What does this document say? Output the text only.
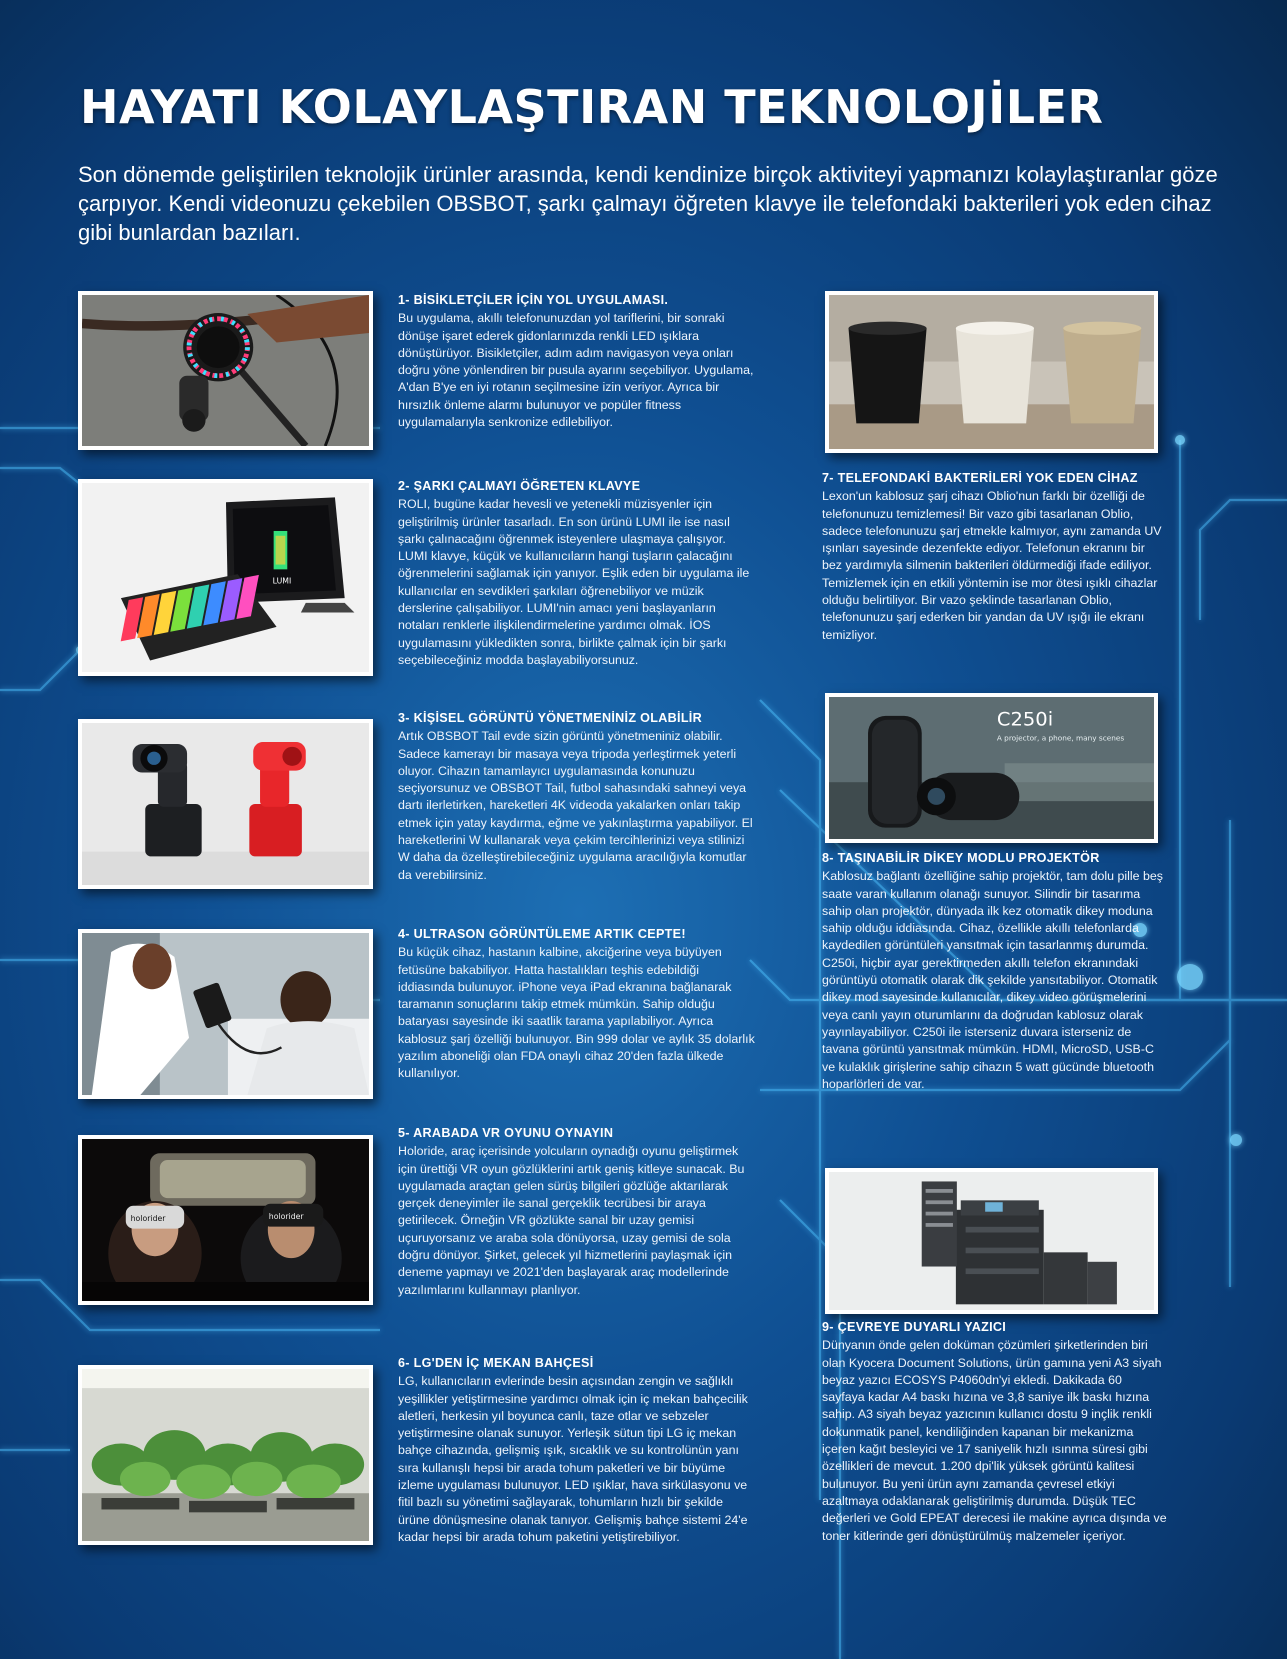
HAYATI KOLAYLAŞTIRAN TEKNOLOJİLER

Son dönemde geliştirilen teknolojik ürünler arasında, kendi kendinize birçok aktiviteyi yapmanızı kolaylaştıranlar göze çarpıyor. Kendi videonuzu çekebilen OBSBOT, şarkı çalmayı öğreten klavye ile telefondaki bakterileri yok eden cihaz gibi bunlardan bazıları.

1- BİSİKLETÇİLER İÇİN YOL UYGULAMASI.

Bu uygulama, akıllı telefonunuzdan yol tariflerini, bir sonraki dönüşe işaret ederek gidonlarınızda renkli LED ışıklara dönüştürüyor. Bisikletçiler, adım adım navigasyon veya onları doğru yöne yönlendiren bir pusula ayarını seçebiliyor. Uygulama, A'dan B'ye en iyi rotanın seçilmesine izin veriyor. Ayrıca bir hırsızlık önleme alarmı bulunuyor ve popüler fitness uygulamalarıyla senkronize edilebiliyor.

LUMI
2- ŞARKI ÇALMAYI ÖĞRETEN KLAVYE

ROLI, bugüne kadar hevesli ve yetenekli müzisyenler için geliştirilmiş ürünler tasarladı. En son ürünü LUMI ile ise nasıl şarkı çalınacağını öğrenmek isteyenlere ulaşmaya çalışıyor. LUMI klavye, küçük ve kullanıcıların hangi tuşların çalacağını öğrenmelerini sağlamak için yanıyor. Eşlik eden bir uygulama ile kullanıcılar en sevdikleri şarkıları öğrenebiliyor ve müzik derslerine çalışabiliyor. LUMI'nin amacı yeni başlayanların notaları renklerle ilişkilendirmelerine yardımcı olmak. İOS uygulamasını yükledikten sonra, birlikte çalmak için bir şarkı seçebileceğiniz modda başlayabiliyorsunuz.

3- KİŞİSEL GÖRÜNTÜ YÖNETMENİNİZ OLABİLİR

Artık OBSBOT Tail evde sizin görüntü yönetmeniniz olabilir. Sadece kamerayı bir masaya veya tripoda yerleştirmek yeterli oluyor. Cihazın tamamlayıcı uygulamasında konunuzu seçiyorsunuz ve OBSBOT Tail, futbol sahasındaki sahneyi veya dartı ilerletirken, hareketleri 4K videoda yakalarken onları takip etmek için yatay kaydırma, eğme ve yakınlaştırma yapabiliyor. El hareketlerini W kullanarak veya çekim tercihlerinizi veya stilinizi W daha da özelleştirebileceğiniz uygulama aracılığıyla komutlar da verebilirsiniz.

4- ULTRASON GÖRÜNTÜLEME ARTIK CEPTE!

Bu küçük cihaz, hastanın kalbine, akciğerine veya büyüyen fetüsüne bakabiliyor. Hatta hastalıkları teşhis edebildiği iddiasında bulunuyor. iPhone veya iPad ekranına bağlanarak taramanın sonuçlarını takip etmek mümkün. Sahip olduğu bataryası sayesinde iki saatlik tarama yapılabiliyor. Ayrıca kablosuz şarj özelliği bulunuyor. Bin 999 dolar ve aylık 35 dolarlık yazılım aboneliği olan FDA onaylı cihaz 20'den fazla ülkede kullanılıyor.

holorider	holorider
5- ARABADA VR OYUNU OYNAYIN

Holoride, araç içerisinde yolcuların oynadığı oyunu geliştirmek için ürettiği VR oyun gözlüklerini artık geniş kitleye sunacak. Bu uygulamada araçtan gelen sürüş bilgileri gözlüğe aktarılarak gerçek deneyimler ile sanal gerçeklik tecrübesi bir araya getirilecek. Örneğin VR gözlükte sanal bir uzay gemisi uçuruyorsanız ve araba sola dönüyorsa, uzay gemisi de sola doğru dönüyor. Şirket, gelecek yıl hizmetlerini paylaşmak için deneme yapmayı ve 2021'den başlayarak araç modellerinde yazılımlarını kullanmayı planlıyor.

6- LG'DEN İÇ MEKAN BAHÇESİ

LG, kullanıcıların evlerinde besin açısından zengin ve sağlıklı yeşillikler yetiştirmesine yardımcı olmak için iç mekan bahçecilik aletleri, herkesin yıl boyunca canlı, taze otlar ve sebzeler yetiştirmesine olanak sunuyor. Yerleşik sütun tipi LG iç mekan bahçe cihazında, gelişmiş ışık, sıcaklık ve su kontrolünün yanı sıra kullanışlı hepsi bir arada tohum paketleri ve bir büyüme izleme uygulaması bulunuyor. LED ışıklar, hava sirkülasyonu ve fitil bazlı su yönetimi sağlayarak, tohumların hızlı bir şekilde ürüne dönüşmesine olanak tanıyor. Gelişmiş bahçe sistemi 24'e kadar hepsi bir arada tohum paketini yetiştirebiliyor.

7- TELEFONDAKİ BAKTERİLERİ YOK EDEN CİHAZ

Lexon'un kablosuz şarj cihazı Oblio'nun farklı bir özelliği de telefonunuzu temizlemesi! Bir vazo gibi tasarlanan Oblio, sadece telefonunuzu şarj etmekle kalmıyor, aynı zamanda UV ışınları sayesinde dezenfekte ediyor. Telefonun ekranını bir bez yardımıyla silmenin bakterileri öldürmediği ifade ediliyor. Temizlemek için en etkili yöntemin ise mor ötesi ışıklı cihazlar olduğu belirtiliyor. Bir vazo şeklinde tasarlanan Oblio, telefonunuzu şarj ederken bir yandan da UV ışığı ile ekranı temizliyor.

C250i
A projector, a phone, many scenes
8- TAŞINABİLİR DİKEY MODLU PROJEKTÖR

Kablosuz bağlantı özelliğine sahip projektör, tam dolu pille beş saate varan kullanım olanağı sunuyor. Silindir bir tasarıma sahip olan projektör, dünyada ilk kez otomatik dikey moduna sahip olduğu iddiasında. Cihaz, özellikle akıllı telefonlarda kaydedilen görüntüleri yansıtmak için tasarlanmış durumda. C250i, hiçbir ayar gerektirmeden akıllı telefon ekranındaki görüntüyü otomatik olarak dik şekilde yansıtabiliyor. Otomatik dikey mod sayesinde kullanıcılar, dikey video görüşmelerini veya canlı yayın oturumlarını da doğrudan kablosuz olarak yayınlayabiliyor. C250i ile isterseniz duvara isterseniz de tavana görüntü yansıtmak mümkün. HDMI, MicroSD, USB-C ve kulaklık girişlerine sahip cihazın 5 watt gücünde bluetooth hoparlörleri de var.

9- ÇEVREYE DUYARLI YAZICI

Dünyanın önde gelen doküman çözümleri şirketlerinden biri olan Kyocera Document Solutions, ürün gamına yeni A3 siyah beyaz yazıcı ECOSYS P4060dn'yi ekledi. Dakikada 60 sayfaya kadar A4 baskı hızına ve 3,8 saniye ilk baskı hızına sahip. A3 siyah beyaz yazıcının kullanıcı dostu 9 inçlik renkli dokunmatik panel, kendiliğinden kapanan bir mekanizma içeren kağıt besleyici ve 17 saniyelik hızlı ısınma süresi gibi özellikleri de mevcut. 1.200 dpi'lik yüksek görüntü kalitesi bulunuyor. Bu yeni ürün aynı zamanda çevresel etkiyi azaltmaya odaklanarak geliştirilmiş durumda. Düşük TEC değerleri ve Gold EPEAT derecesi ile makine ayrıca dışında ve toner kitlerinde geri dönüştürülmüş malzemeler içeriyor.
